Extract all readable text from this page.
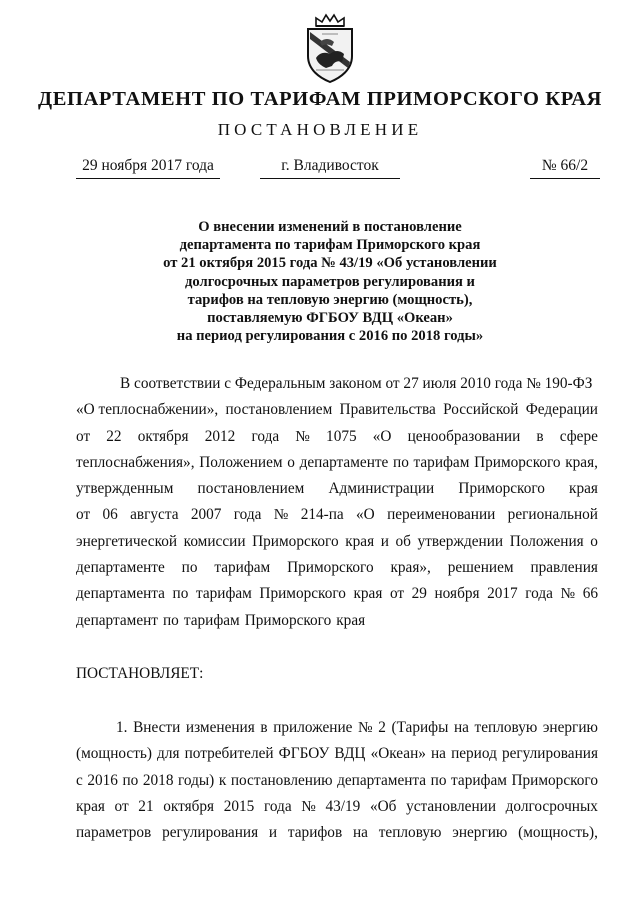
ДЕПАРТАМЕНТ ПО ТАРИФАМ ПРИМОРСКОГО КРАЯ
ПОСТАНОВЛЕНИЕ
29 ноября 2017 года	г. Владивосток	№ 66/2
О внесении изменений в постановление
департамента по тарифам Приморского края
от 21 октября 2015 года № 43/19 «Об установлении
долгосрочных параметров регулирования и
тарифов на тепловую энергию (мощность),
поставляемую ФГБОУ ВДЦ «Океан»
на период регулирования с 2016 по 2018 годы»
В соответствии с Федеральным законом от 27 июля 2010 года № 190-ФЗ
«О теплоснабжении», постановлением Правительства Российской Федерации
от 22 октября 2012 года № 1075 «О ценообразовании в сфере
теплоснабжения», Положением о департаменте по тарифам Приморского края,
утвержденным постановлением Администрации Приморского края
от 06 августа 2007 года № 214-па «О переименовании региональной
энергетической комиссии Приморского края и об утверждении Положения о
департаменте по тарифам Приморского края», решением правления
департамента по тарифам Приморского края от 29 ноября 2017 года № 66
департамент по тарифам Приморского края
ПОСТАНОВЛЯЕТ:
1. Внести изменения в приложение № 2 (Тарифы на тепловую энергию
(мощность) для потребителей ФГБОУ ВДЦ «Океан» на период регулирования
с 2016 по 2018 годы) к постановлению департамента по тарифам Приморского
края от 21 октября 2015 года № 43/19 «Об установлении долгосрочных
параметров регулирования и тарифов на тепловую энергию (мощность),
